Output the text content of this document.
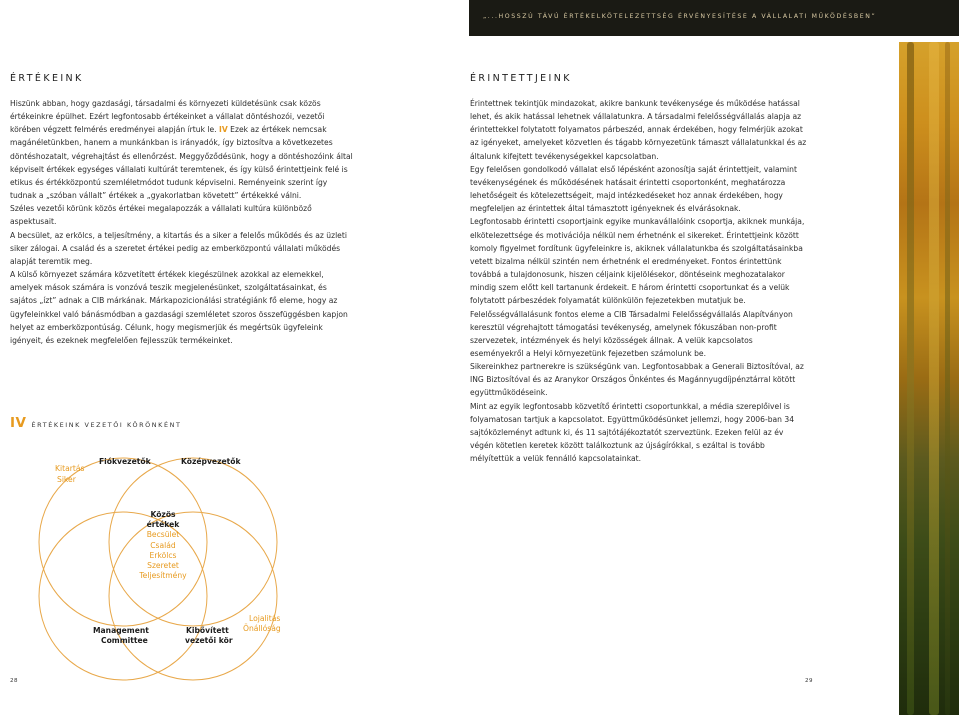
„...HOSSZÚ TÁVÚ ÉRTÉKELKÖTELEZETTSÉG ÉRVÉNYESÍTÉSE A VÁLLALATI MŰKÖDÉSBEN”
ÉRTÉKEINK

Hiszünk abban, hogy gazdasági, társadalmi és környezeti küldetésünk csak közös értékeinkre épülhet. Ezért legfontosabb értékeinket a vállalat döntéshozói, vezetői körében végzett felmérés eredményei alapján írtuk le. IV Ezek az értékek nemcsak magánéletünkben, hanem a munkánkban is irányadók, így biztosítva a következetes döntéshozatalt, végrehajtást és ellenőrzést. Meggyőződésünk, hogy a döntéshozóink által képviselt értékek egységes vállalati kultúrát teremtenek, és így külső érintettjeink felé is etikus és értékközpontú szemléletmódot tudunk képviselni. Reményeink szerint így tudnak a „szóban vállalt” értékek a „gyakorlatban követett” értékekké válni.

Széles vezetői körünk közös értékei megalapozzák a vállalati kultúra különböző aspektusait.

A becsület, az erkölcs, a teljesítmény, a kitartás és a siker a felelős működés és az üzleti siker zálogai. A család és a szeretet értékei pedig az emberközpontú vállalati működés alapját teremtik meg.

A külső környezet számára közvetített értékek kiegészülnek azokkal az elemekkel, amelyek mások számára is vonzóvá teszik megjelenésünket, szolgáltatásainkat, és sajátos „ízt” adnak a CIB márkának. Márkapozicionálási stratégiánk fő eleme, hogy az ügyfeleinkkel való bánásmódban a gazdasági szemléletet szoros összefüggésben kapjon helyet az emberközpontúság. Célunk, hogy megismerjük és megértsük ügyfeleink igényeit, és ezeknek megfelelően fejlesszük termékeinket.

ÉRINTETTJEINK

Érintettnek tekintjük mindazokat, akikre bankunk tevékenysége és működése hatással lehet, és akik hatással lehetnek vállalatunkra. A társadalmi felelősségvállalás alapja az érintettekkel folytatott folyamatos párbeszéd, annak érdekében, hogy felmérjük azokat az igényeket, amelyeket közvetlen és tágabb környezetünk támaszt vállalatunkkal és az általunk kifejtett tevékenységekkel kapcsolatban.

Egy felelősen gondolkodó vállalat első lépésként azonosítja saját érintettjeit, valamint tevékenységének és működésének hatásait érintetti csoportonként, meghatározza lehetőségeit és kötelezettségeit, majd intézkedéseket hoz annak érdekében, hogy megfeleljen az érintettek által támasztott igényeknek és elvárásoknak.

Legfontosabb érintetti csoportjaink egyike munkavállalóink csoportja, akiknek munkája, elkötelezettsége és motivációja nélkül nem érhetnénk el sikereket. Érintettjeink között komoly figyelmet fordítunk ügyfeleinkre is, akiknek vállalatunkba és szolgáltatásainkba vetett bizalma nélkül szintén nem érhetnénk el eredményeket. Fontos érintettünk továbbá a tulajdonosunk, hiszen céljaink kijelölésekor, döntéseink meghozatalakor mindig szem előtt kell tartanunk érdekeit. E három érintetti csoportunkat és a velük folytatott párbeszédek folyamatát különkülön fejezetekben mutatjuk be.

Felelősségvállalásunk fontos eleme a CIB Társadalmi Felelősségvállalás Alapítványon keresztül végrehajtott támogatási tevékenység, amelynek fókuszában non-profit szervezetek, intézmények és helyi közösségek állnak. A velük kapcsolatos eseményekről a Helyi környezetünk fejezetben számolunk be.

Sikereinkhez partnerekre is szükségünk van. Legfontosabbak a Generali Biztosítóval, az ING Biztosítóval és az Aranykor Országos Önkéntes és Magánnyugdíjpénztárral kötött együttműködéseink.

Mint az egyik legfontosabb közvetítő érintetti csoportunkkal, a média szereplőivel is folyamatosan tartjuk a kapcsolatot. Együttműködésünket jellemzi, hogy 2006-ban 34 sajtóközleményt adtunk ki, és 11 sajtótájékoztatót szerveztünk. Ezeken felül az év végén kötetlen keretek között találkoztunk az újságírókkal, s ezáltal is tovább mélyítettük a velük fennálló kapcsolatainkat.

IV ÉRTÉKEINK VEZETŐI KÖRÖNKÉNT
Fiókvezetők	Középvezetők
Kitartás
Siker
Közös
értékek
Becsület
Család
Erkölcs
Szeretet
Teljesítmény
Lojalitás
Önállóság
Management
Committee
Kibővített
vezetői kör
28	29
